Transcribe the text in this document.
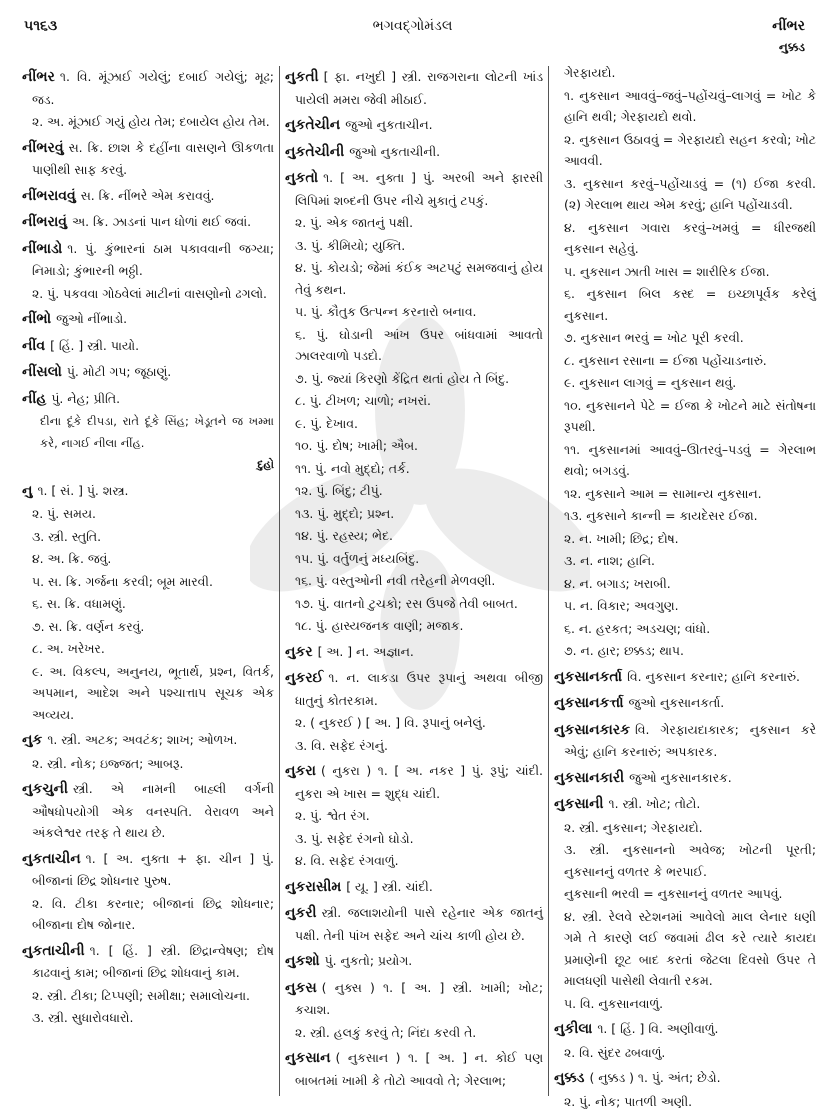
૫૧૬૩	ભગવદ્ગોમંડલ	નીંભર
નુક્કડ
નીંભર ૧. વિ. મૂંઝાઈ ગયેલું; દબાઈ ગયેલું; મૂઢ; જડ.
૨. અ. મૂંઝાઈ ગયું હોય તેમ; દબાયેલ હોય તેમ.
નીંભરવું સ. ક્રિ. છાશ કે દહીંના વાસણને ઊકળતા પાણીથી સાફ કરવું.
નીંભરાવવું સ. ક્રિ. નીંભરે એમ કરાવવું.
નીંભરાવું અ. ક્રિ. ઝાડનાં પાન ધોળાં થઈ જવાં.
નીંભાડો ૧. પું. કુંભારનાં ઠામ પકાવવાની જગ્યા; નિમાડો; કુંભારની ભઠ્ઠી.
૨. પું. પકવવા ગોઠવેલાં માટીનાં વાસણોનો ઢગલો.
નીંભો જુઓ નીંભાડો.
નીંવ [ હિં. ] સ્ત્રી. પાયો.
નીંસલો પું. મોટી ગપ; જૂઠાણું.
નીંહ પું. નેહ; પ્રીતિ.
દીના દૂંકે દીપડા, રાતે દૂંકે સિંહ; ખેડૂતને જ ખમ્મા કરે, નાગઈ નીલા નીંહ.
દુહો
નુ ૧. [ સં. ] પું. શસ્ત્ર.
૨. પું. સમય.
૩. સ્ત્રી. સ્તુતિ.
૪. અ. ક્રિ. જવું.
૫. સ. ક્રિ. ગર્જના કરવી; બૂમ મારવી.
૬. સ. ક્રિ. વધામણું.
૭. સ. ક્રિ. વર્ણન કરવું.
૮. અ. ખરેખર.
૯. અ. વિકલ્પ, અનુનય, ભૂતાર્થ, પ્રશ્ન, વિતર્ક, અપમાન, આદેશ અને પશ્ચાત્તાપ સૂચક એક અવ્યય.
નુક ૧. સ્ત્રી. અટક; અવટંક; શાખ; ઓળખ.
૨. સ્ત્રી. નોક; ઇજ્જત; આબરૂ.
નુકચુની સ્ત્રી. એ નામની બાહ્લી વર્ગની ઔષધોપયોગી એક વનસ્પતિ. વેરાવળ અને અંકલેશ્વર તરફ તે થાય છે.
નુકતાચીન ૧. [ અ. નુક્તા + ફા. ચીન ] પું. બીજાનાં છિદ્ર શોધનાર પુરુષ.
૨. વિ. ટીકા કરનાર; બીજાનાં છિદ્ર શોધનાર; બીજાના દોષ જોનાર.
નુકતાચીની ૧. [ હિં. ] સ્ત્રી. છિદ્રાન્વેષણ; દોષ કાઢવાનું કામ; બીજાનાં છિદ્ર શોધવાનું કામ.
૨. સ્ત્રી. ટીકા; ટિપ્પણી; સમીક્ષા; સમાલોચના.
૩. સ્ત્રી. સુધારોવધારો.
નુકતી [ ફા. નખુદી ] સ્ત્રી. રાજગરાના લોટની ખાંડ પાયેલી મમરા જેવી મીઠાઈ.
નુકતેચીન જુઓ નુકતાચીન.
નુકતેચીની જુઓ નુકતાચીની.
નુકતો ૧. [ અ. નુક્તા ] પું. અરબી અને ફારસી લિપિમાં શબ્દની ઉપર નીચે મુકાતું ટપકું.
૨. પું. એક જાતનું પક્ષી.
૩. પું. કીમિયો; યુક્તિ.
૪. પું. કોયડો; જેમાં કંઈક અટપટું સમજવાનું હોય તેવું કથન.
૫. પું. કૌતુક ઉત્પન્ન કરનારો બનાવ.
૬. પું. ઘોડાની આંખ ઉપર બાંધવામાં આવતો ઝાલરવાળો પડદો.
૭. પું. જ્યાં કિરણો કેંદ્રિત થતાં હોય તે બિંદુ.
૮. પું. ટીખળ; ચાળો; નખરાં.
૯. પું. દેખાવ.
૧૦. પું. દોષ; ખામી; ઐબ.
૧૧. પું. નવો મુદ્દો; તર્ક.
૧૨. પું. બિંદુ; ટીપું.
૧૩. પું. મુદ્દો; પ્રશ્ન.
૧૪. પું. રહસ્ય; ભેદ.
૧૫. પું. વર્તુળનું મધ્યબિંદુ.
૧૬. પું. વસ્તુઓની નવી તરેહની મેળવણી.
૧૭. પું. વાતનો ટુચકો; રસ ઉપજે તેવી બાબત.
૧૮. પું. હાસ્યજનક વાણી; મજાક.
નુકર [ અ. ] ન. અજ્ઞાન.
નુકરઈ ૧. ન. લાકડા ઉપર રૂપાનું અથવા બીજી ધાતુનું કોતરકામ.
૨. ( નુકરઈ ) [ અ. ] વિ. રૂપાનું બનેલું.
૩. વિ. સફેદ રંગનું.
નુકરા ( નુકરા ) ૧. [ અ. નકર ] પું. રૂપું; ચાંદી. નુકરા એ ખાસ = શુદ્ધ ચાંદી.
૨. પું. શ્વેત રંગ.
૩. પું. સફેદ રંગનો ઘોડો.
૪. વિ. સફેદ રંગવાળું.
નુકરાસીમ [ યૂ. ] સ્ત્રી. ચાંદી.
નુકરી સ્ત્રી. જલાશયોની પાસે રહેનાર એક જાતનું પક્ષી. તેની પાંખ સફેદ અને ચાંચ કાળી હોય છે.
નુકશો પું. નુકતો; પ્રયોગ.
નુકસ ( નુક્સ ) ૧. [ અ. ] સ્ત્રી. ખામી; ખોટ; કચાશ.
૨. સ્ત્રી. હલકું કરવું તે; નિંદા કરવી તે.
નુકસાન ( નુકસાન ) ૧. [ અ. ] ન. કોઈ પણ બાબતમાં ખામી કે તોટો આવવો તે; ગેરલાભ;
ગેરફાયદો.
૧. નુકસાન આવવું–જવું–પહોંચવું–લાગવું = ખોટ કે હાનિ થવી; ગેરફાયદો થવો.
૨. નુકસાન ઉઠાવવું = ગેરફાયદો સહન કરવો; ખોટ આવવી.
૩. નુકસાન કરવું–પહોંચાડવું = (૧) ઈજા કરવી. (૨) ગેરલાભ થાય એમ કરવું; હાનિ પહોંચાડવી.
૪. નુકસાન ગવારા કરવું–ખમવું = ધીરજથી નુકસાન સહેવું.
૫. નુકસાન ઝાતી ખાસ = શારીરિક ઈજા.
૬. નુકસાન બિલ કસ્દ = ઇચ્છાપૂર્વક કરેલું નુકસાન.
૭. નુકસાન ભરવું = ખોટ પૂરી કરવી.
૮. નુકસાન રસાના = ઈજા પહોંચાડનારું.
૯. નુકસાન લાગવું = નુકસાન થવું.
૧૦. નુકસાનને પેટે = ઈજા કે ખોટને માટે સંતોષના રૂપથી.
૧૧. નુકસાનમાં આવવું–ઊતરવું–પડવું = ગેરલાભ થવો; બગડવું.
૧૨. નુકસાને આમ = સામાન્ય નુકસાન.
૧૩. નુકસાને કાન્ની = કાયદેસર ઈજા.
૨. ન. ખામી; છિદ્ર; દોષ.
૩. ન. નાશ; હાનિ.
૪. ન. બગાડ; ખરાબી.
૫. ન. વિકાર; અવગુણ.
૬. ન. હરકત; અડચણ; વાંધો.
૭. ન. હાર; છક્કડ; થાપ.
નુકસાનકર્તા વિ. નુકસાન કરનાર; હાનિ કરનારું.
નુકસાનકર્ત્તા જુઓ નુકસાનકર્તા.
નુકસાનકારક વિ. ગેરફાયદાકારક; નુકસાન કરે એવું; હાનિ કરનારું; અપકારક.
નુકસાનકારી જુઓ નુકસાનકારક.
નુકસાની ૧. સ્ત્રી. ખોટ; તોટો.
૨. સ્ત્રી. નુકસાન; ગેરફાયદો.
૩. સ્ત્રી. નુકસાનનો અવેજ; ખોટની પૂરતી; નુકસાનનું વળતર કે ભરપાઈ.
નુકસાની ભરવી = નુકસાનનું વળતર આપવું.
૪. સ્ત્રી. રેલવે સ્ટેશનમાં આવેલો માલ લેનાર ધણી ગમે તે કારણે લઈ જવામાં ઢીલ કરે ત્યારે કાયદા પ્રમાણેની છૂટ બાદ કરતાં જેટલા દિવસો ઉપર તે માલધણી પાસેથી લેવાતી રકમ.
૫. વિ. નુકસાનવાળું.
નુકીલા ૧. [ હિં. ] વિ. અણીવાળું.
૨. વિ. સુંદર ઢબવાળું.
નુક્કડ ( નુક્કડ ) ૧. પું. અંત; છેડો.
૨. પું. નોક; પાતળી અણી.
